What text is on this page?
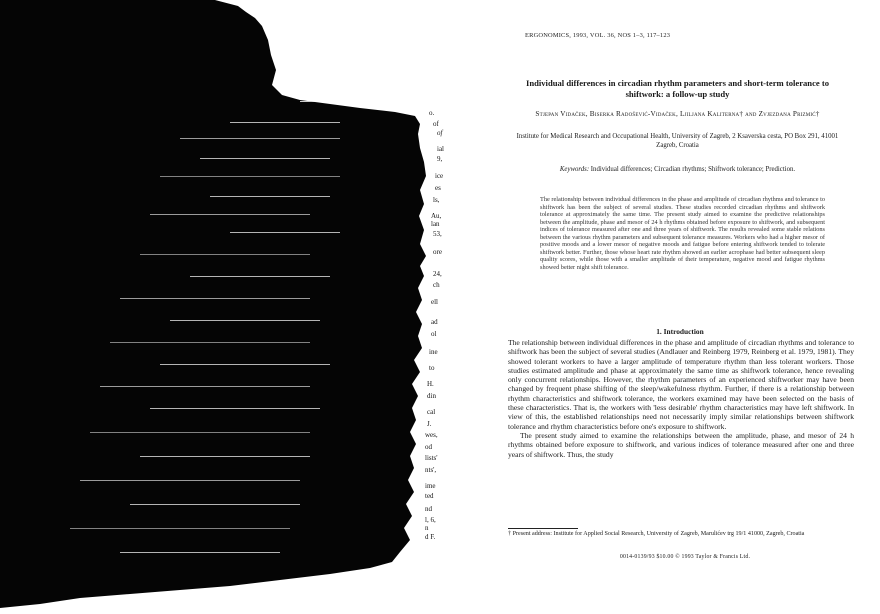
o.
of
of
ial
9,
ice
es
ls,
Au,
lan
53,
ore
24,
ch
ell
ad
ol
ine
to
H.
din
cal
J.
wes,
od
lists'
nts',
ime
ted
nd
l, 6,
n
d F.
ERGONOMICS, 1993, VOL. 36, NOS 1–3, 117–123
Individual differences in circadian rhythm parameters and short-term tolerance to shiftwork: a follow-up study
Stjepan Vidaček, Biserka Radošević-Vidaček, Ljiljana Kaliterna† and Zvjezdana Prizmić†
Institute for Medical Research and Occupational Health, University of Zagreb, 2 Ksaverska cesta, PO Box 291, 41001 Zagreb, Croatia
Keywords: Individual differences; Circadian rhythms; Shiftwork tolerance; Prediction.
The relationship between individual differences in the phase and amplitude of circadian rhythms and tolerance to shiftwork has been the subject of several studies. These studies recorded circadian rhythms and shiftwork tolerance at approximately the same time. The present study aimed to examine the predictive relationships between the amplitude, phase and mesor of 24 h rhythms obtained before exposure to shiftwork, and subsequent indices of tolerance measured after one and three years of shiftwork. The results revealed some stable relations between the various rhythm parameters and subsequent tolerance measures. Workers who had a higher mesor of positive moods and a lower mesor of negative moods and fatigue before entering shiftwork tended to tolerate shiftwork better. Further, those whose heart rate rhythm showed an earlier acrophase had better subsequent sleep quality scores, while those with a smaller amplitude of their temperature, negative mood and fatigue rhythms showed better night shift tolerance.
1. Introduction

The relationship between individual differences in the phase and amplitude of circadian rhythms and tolerance to shiftwork has been the subject of several studies (Andlauer and Reinberg 1979, Reinberg et al. 1979, 1981). They showed tolerant workers to have a larger amplitude of temperature rhythm than less tolerant workers. Those studies estimated amplitude and phase at approximately the same time as shiftwork tolerance, hence revealing only concurrent relationships. However, the rhythm parameters of an experienced shiftworker may have been changed by frequent phase shifting of the sleep/wakefulness rhythm. Further, if there is a relationship between rhythm characteristics and shiftwork tolerance, the workers examined may have been selected on the basis of these characteristics. That is, the workers with 'less desirable' rhythm characteristics may have left shiftwork. In view of this, the established relationships need not necessarily imply similar relationships between shiftwork tolerance and rhythm characteristics before one's exposure to shiftwork.

The present study aimed to examine the relationships between the amplitude, phase, and mesor of 24 h rhythms obtained before exposure to shiftwork, and various indices of tolerance measured after one and three years of shiftwork. Thus, the study

† Present address: Institute for Applied Social Research, University of Zagreb, Marulićev trg 19/1 41000, Zagreb, Croatia
0014-0139/93 $10.00 © 1993 Taylor & Francis Ltd.
